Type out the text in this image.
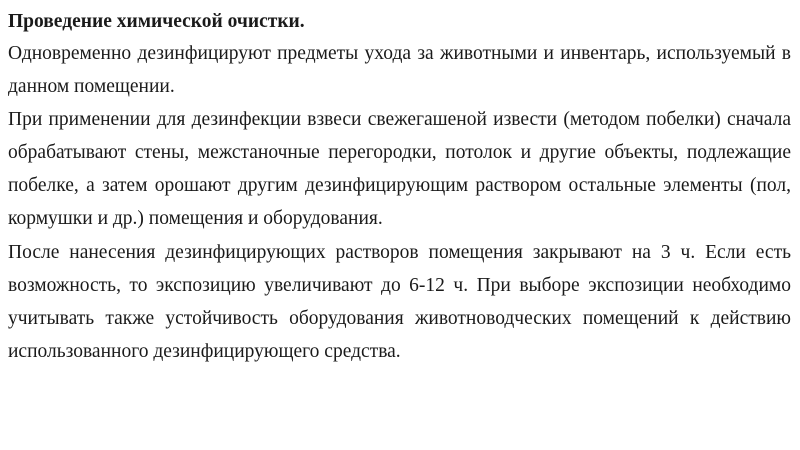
Проведение химической очистки.

Одновременно дезинфицируют предметы ухода за животными и инвентарь, используемый в данном помещении.

При применении для дезинфекции взвеси свежегашеной извести (методом побелки) сначала обрабатывают стены, межстаночные перегородки, потолок и другие объекты, подлежащие побелке, а затем орошают другим дезинфицирующим раствором остальные элементы (пол, кормушки и др.) помещения и оборудования.

После нанесения дезинфицирующих растворов помещения закрывают на 3 ч. Если есть возможность, то экспозицию увеличивают до 6-12 ч. При выборе экспозиции необходимо учитывать также устойчивость оборудования животноводческих помещений к действию использованного дезинфицирующего средства.
